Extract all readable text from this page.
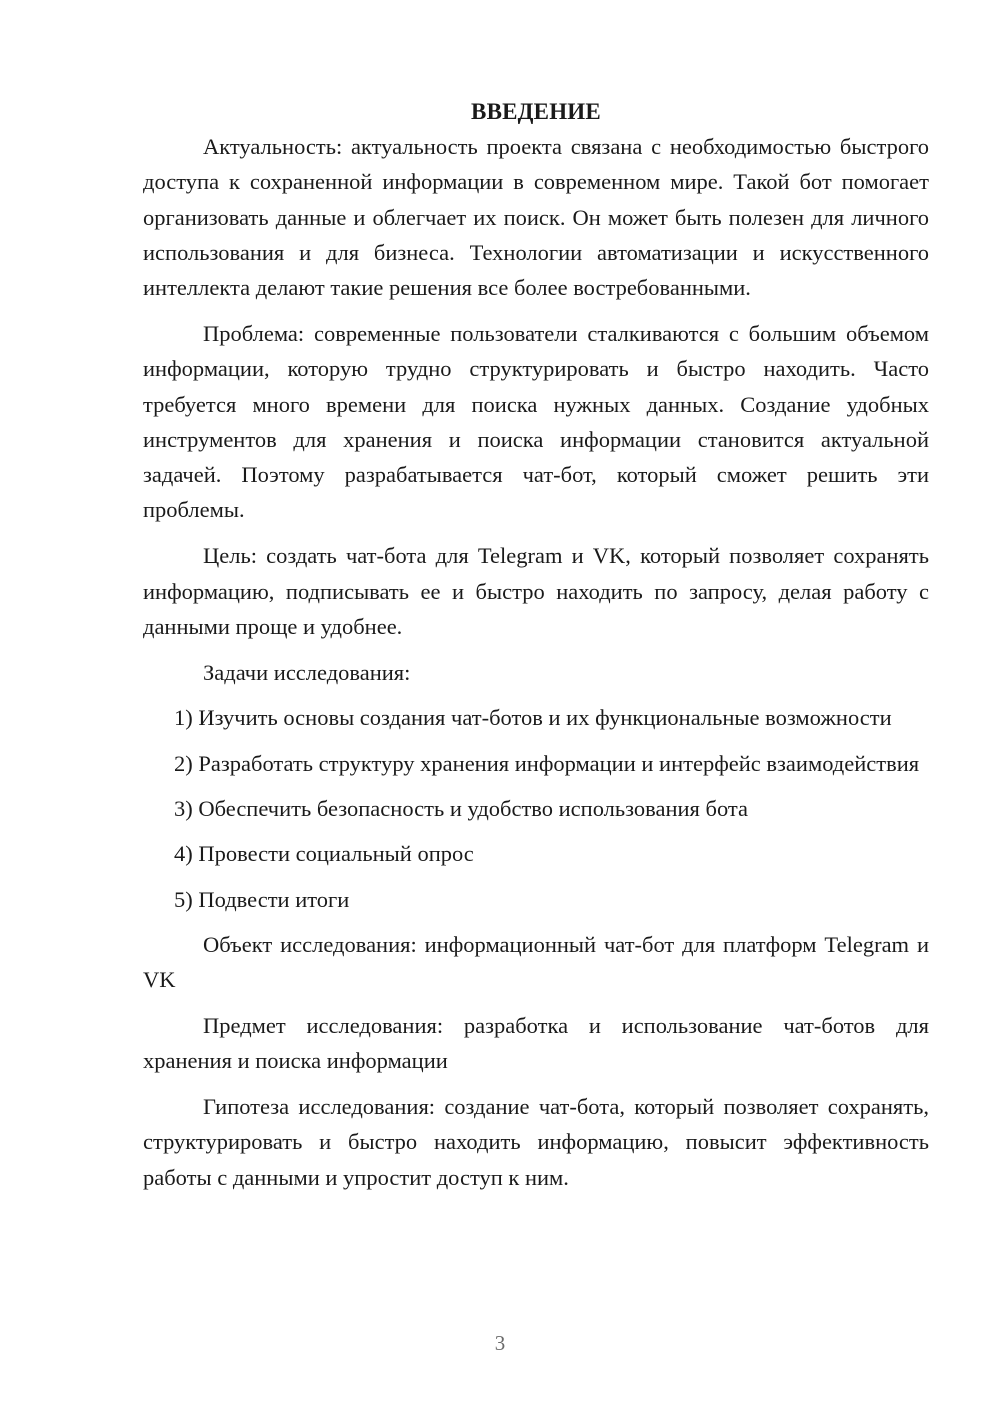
ВВЕДЕНИЕ

Актуальность: актуальность проекта связана с необходимостью быстрого доступа к сохраненной информации в современном мире. Такой бот помогает организовать данные и облегчает их поиск. Он может быть полезен для личного использования и для бизнеса. Технологии автоматизации и искусственного интеллекта делают такие решения все более востребованными.

Проблема: современные пользователи сталкиваются с большим объемом информации, которую трудно структурировать и быстро находить. Часто требуется много времени для поиска нужных данных. Создание удобных инструментов для хранения и поиска информации становится актуальной задачей. Поэтому разрабатывается чат-бот, который сможет решить эти проблемы.

Цель: создать чат-бота для Telegram и VK, который позволяет сохранять информацию, подписывать ее и быстро находить по запросу, делая работу с данными проще и удобнее.

Задачи исследования:

1) Изучить основы создания чат-ботов и их функциональные возможности

2) Разработать структуру хранения информации и интерфейс взаимодействия

3) Обеспечить безопасность и удобство использования бота

4) Провести социальный опрос

5) Подвести итоги

Объект исследования: информационный чат-бот для платформ Telegram и VK

Предмет исследования: разработка и использование чат-ботов для хранения и поиска информации

Гипотеза исследования: создание чат-бота, который позволяет сохранять, структурировать и быстро находить информацию, повысит эффективность работы с данными и упростит доступ к ним.

3
